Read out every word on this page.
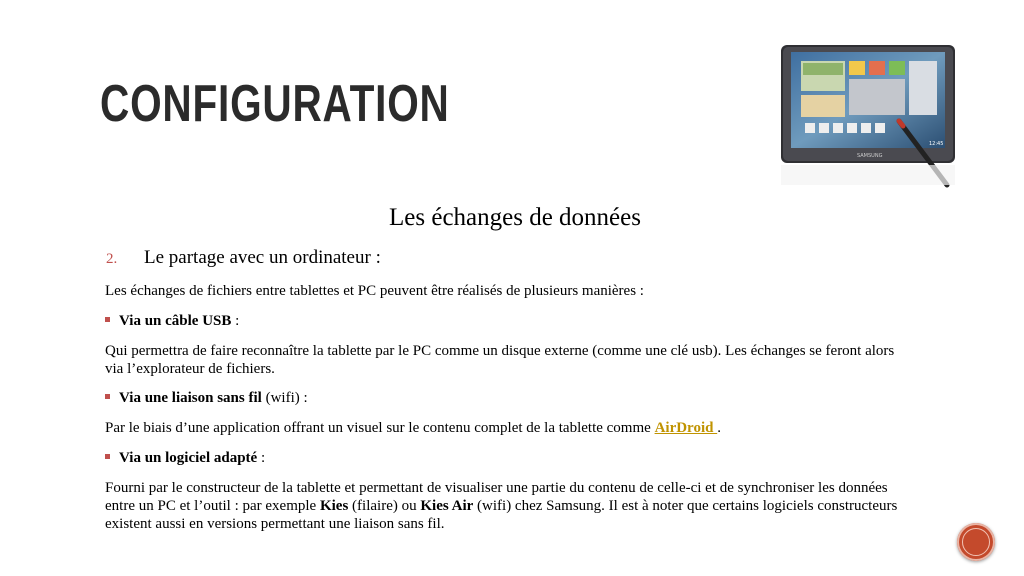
CONFIGURATION
12:45
SAMSUNG
Les échanges de données
2. Le partage avec un ordinateur :
Les échanges de fichiers entre tablettes et PC peuvent être réalisés de plusieurs manières :
Via un câble USB :
Qui permettra de faire reconnaître la tablette par le PC comme un disque externe (comme une clé usb). Les échanges se feront alors via l’explorateur de fichiers.
Via une liaison sans fil (wifi) :
Par le biais d’une application offrant un visuel sur le contenu complet de la tablette comme AirDroid .
Via un logiciel adapté :
Fourni par le constructeur de la tablette et permettant de visualiser une partie du contenu de celle-ci et de synchroniser les données entre un PC et l’outil : par exemple Kies (filaire) ou Kies Air (wifi) chez Samsung. Il est à noter que certains logiciels constructeurs existent aussi en versions permettant une liaison sans fil.
